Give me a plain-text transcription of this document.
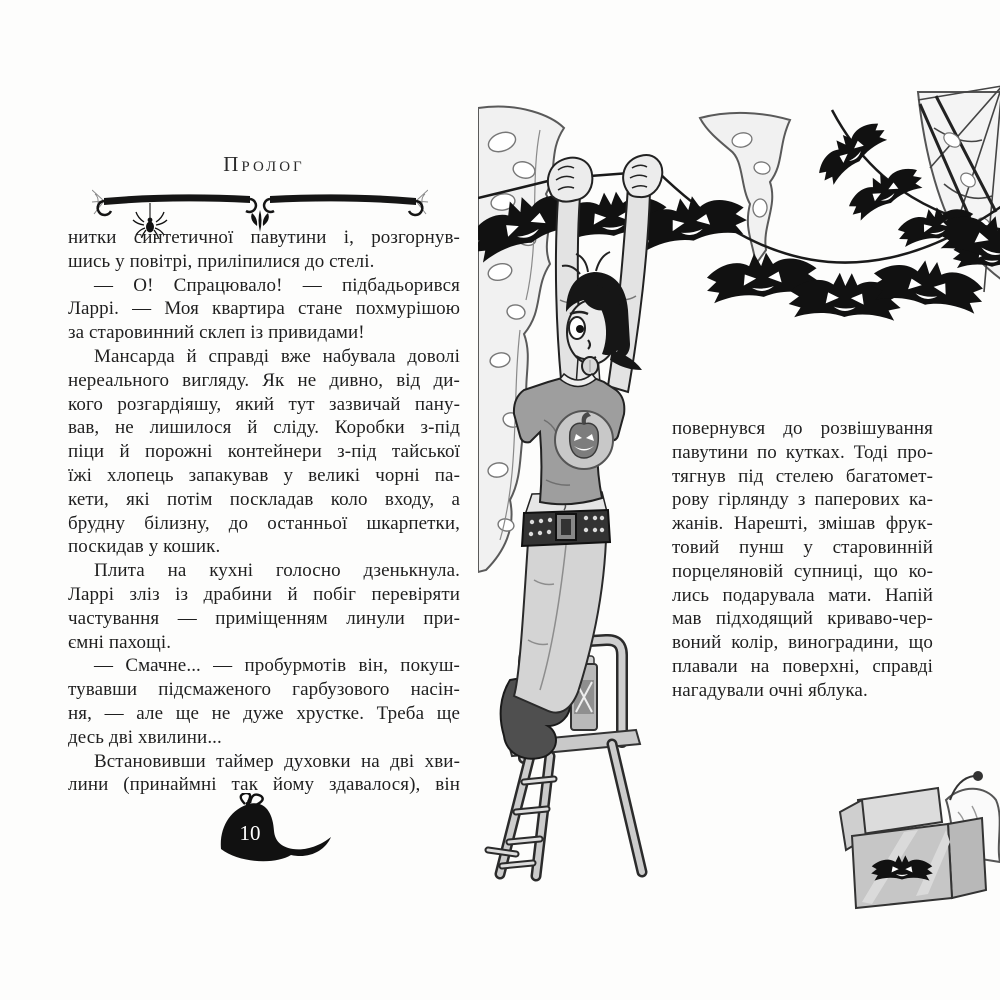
Пролог
нитки синтетичної павутини і, розгорнув-
шись у повітрі, приліпилися до стелі.
— О! Спрацювало! — підбадьорився
Ларрі. — Моя квартира стане похмурішою
за старовинний склеп із привидами!
Мансарда й справді вже набувала доволі
нереального вигляду. Як не дивно, від ди-
кого розгардіяшу, який тут зазвичай пану-
вав, не лишилося й сліду. Коробки з-під
піци й порожні контейнери з-під тайської
їжі хлопець запакував у великі чорні па-
кети, які потім поскладав коло входу, а
брудну білизну, до останньої шкарпетки,
поскидав у кошик.
Плита на кухні голосно дзенькнула.
Ларрі зліз із драбини й побіг перевіряти
частування — приміщенням линули при-
ємні пахощі.
— Смачне... — пробурмотів він, покуш-
тувавши підсмаженого гарбузового насін-
ня, — але ще не дуже хрустке. Треба ще
десь дві хвилини...
Встановивши таймер духовки на дві хви-
лини (принаймні так йому здавалося), він
повернувся до розвішування
павутини по кутках. Тоді про-
тягнув під стелею багатомет-
рову гірлянду з паперових ка-
жанів. Нарешті, змішав фрук-
товий пунш у старовинній
порцеляновій супниці, що ко-
лись подарувала мати. Напій
мав підходящий криваво-чер-
воний колір, виноградини, що
плавали на поверхні, справді
нагадували очні яблука.
10
